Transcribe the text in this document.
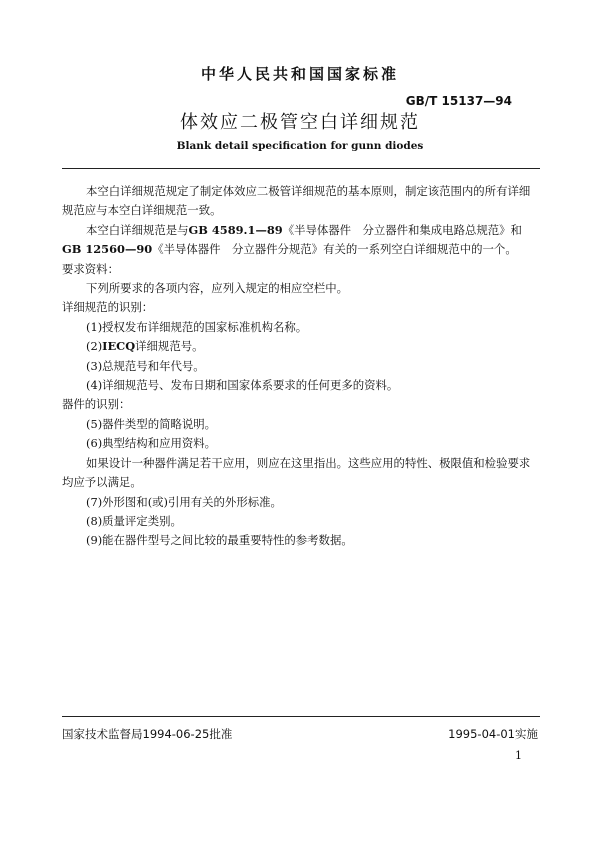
中华人民共和国国家标准
GB/T 15137—94
体效应二极管空白详细规范
Blank detail specification for gunn diodes

本空白详细规范规定了制定体效应二极管详细规范的基本原则，制定该范围内的所有详细规范应与本空白详细规范一致。

本空白详细规范是与GB 4589.1—89《半导体器件　分立器件和集成电路总规范》和GB 12560—90《半导体器件　分立器件分规范》有关的一系列空白详细规范中的一个。

要求资料：

下列所要求的各项内容，应列入规定的相应空栏中。

详细规范的识别：

(1)授权发布详细规范的国家标准机构名称。

(2)IECQ详细规范号。

(3)总规范号和年代号。

(4)详细规范号、发布日期和国家体系要求的任何更多的资料。

器件的识别：

(5)器件类型的简略说明。

(6)典型结构和应用资料。

如果设计一种器件满足若干应用，则应在这里指出。这些应用的特性、极限值和检验要求均应予以满足。

(7)外形图和(或)引用有关的外形标准。

(8)质量评定类别。

(9)能在器件型号之间比较的最重要特性的参考数据。

国家技术监督局1994-06-25批准	1995-04-01实施
1
